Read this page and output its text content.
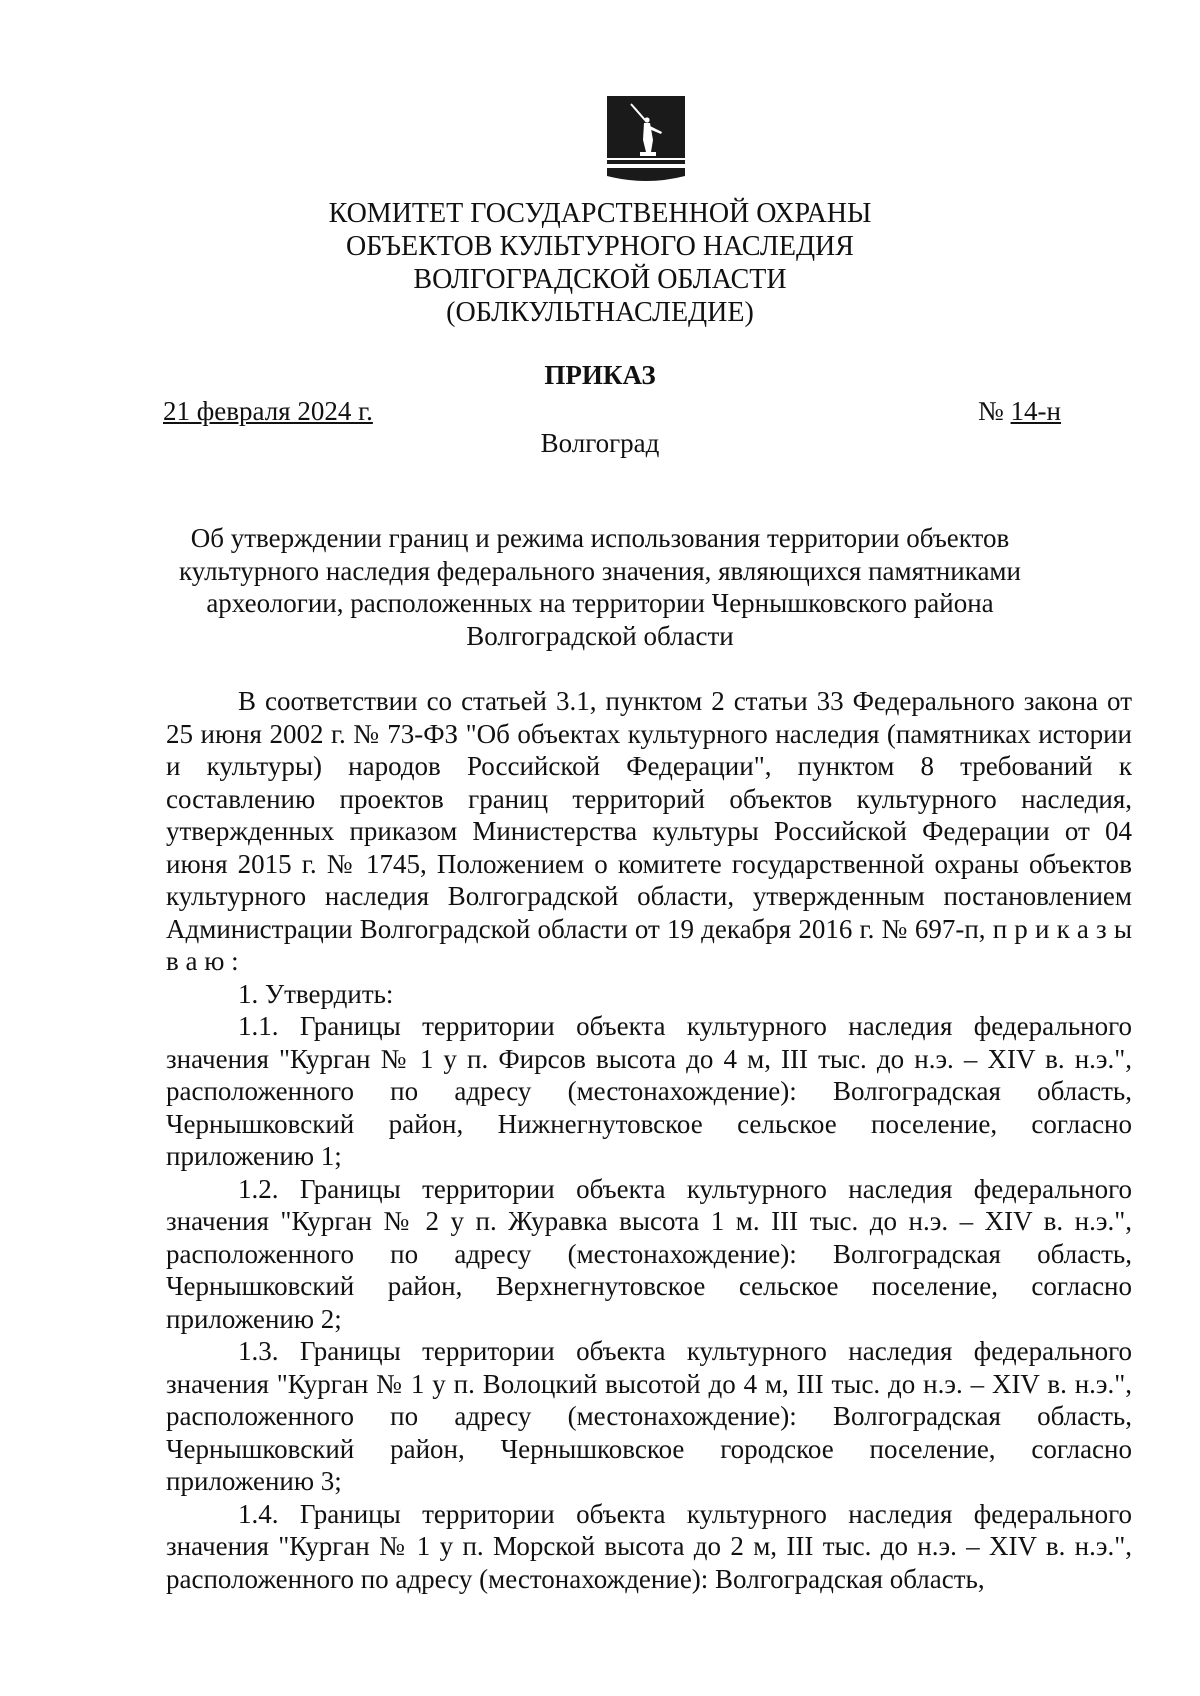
КОМИТЕТ ГОСУДАРСТВЕННОЙ ОХРАНЫ
ОБЪЕКТОВ КУЛЬТУРНОГО НАСЛЕДИЯ
ВОЛГОГРАДСКОЙ ОБЛАСТИ
(ОБЛКУЛЬТНАСЛЕДИЕ)
ПРИКАЗ
21 февраля 2024 г.	№ 14-н
Волгоград
Об утверждении границ и режима использования территории объектов
культурного наследия федерального значения, являющихся памятниками
археологии, расположенных на территории Чернышковского района
Волгоградской области

В соответствии со статьей 3.1, пунктом 2 статьи 33 Федерального закона от 25 июня 2002 г. № 73-ФЗ "Об объектах культурного наследия (памятниках истории и культуры) народов Российской Федерации", пунктом 8 требований к составлению проектов границ территорий объектов культурного наследия, утвержденных приказом Министерства культуры Российской Федерации от 04 июня 2015 г. № 1745, Положением о комитете государственной охраны объектов культурного наследия Волгоградской области, утвержденным постановлением Администрации Волгоградской области от 19 декабря 2016 г. № 697-п, п р и к а з ы в а ю :

1. Утвердить:

1.1. Границы территории объекта культурного наследия федерального значения "Курган № 1 у п. Фирсов высота до 4 м, III тыс. до н.э. – XIV в. н.э.", расположенного по адресу (местонахождение): Волгоградская область, Чернышковский район, Нижнегнутовское сельское поселение, согласно приложению 1;

1.2. Границы территории объекта культурного наследия федерального значения "Курган № 2 у п. Журавка высота 1 м. III тыс. до н.э. – XIV в. н.э.", расположенного по адресу (местонахождение): Волгоградская область, Чернышковский район, Верхнегнутовское сельское поселение, согласно приложению 2;

1.3. Границы территории объекта культурного наследия федерального значения "Курган № 1 у п. Волоцкий высотой до 4 м, III тыс. до н.э. – XIV в. н.э.", расположенного по адресу (местонахождение): Волгоградская область, Чернышковский район, Чернышковское городское поселение, согласно приложению 3;

1.4. Границы территории объекта культурного наследия федерального значения "Курган № 1 у п. Морской высота до 2 м, III тыс. до н.э. – XIV в. н.э.", расположенного по адресу (местонахождение): Волгоградская область,
